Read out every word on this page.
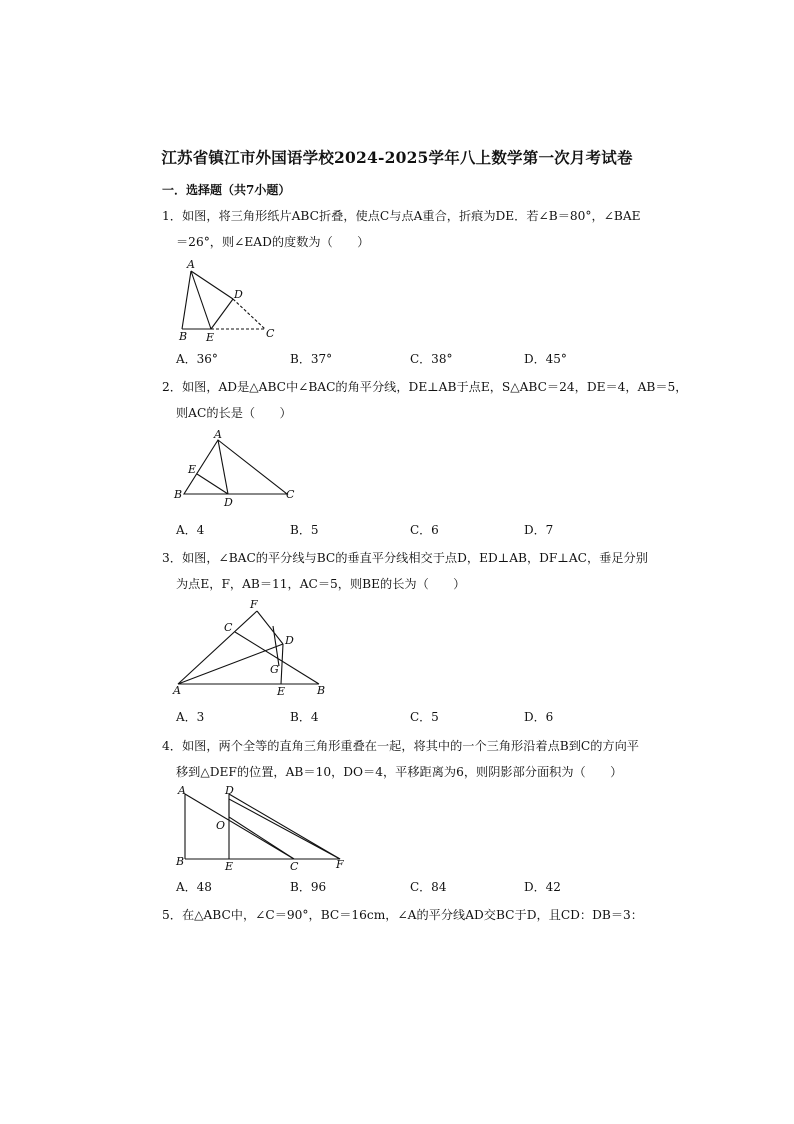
江苏省镇江市外国语学校2024-2025学年八上数学第一次月考试卷
一．选择题（共7小题）
1．如图，将三角形纸片ABC折叠，使点C与点A重合，折痕为DE．若∠B＝80°，∠BAE
＝26°，则∠EAD的度数为（　　）
A
B	C
D
E
A．36°	B．37°	C．38°	D．45°
2．如图，AD是△ABC中∠BAC的角平分线，DE⊥AB于点E，S△ABC＝24，DE＝4，AB＝5，
则AC的长是（　　）
A
B	C
D
E
A．4	B．5	C．6	D．7
3．如图，∠BAC的平分线与BC的垂直平分线相交于点D，ED⊥AB，DF⊥AC，垂足分别
为点E，F，AB＝11，AC＝5，则BE的长为（　　）
A	B
C
D
E
F
G
A．3	B．4	C．5	D．6
4．如图，两个全等的直角三角形重叠在一起，将其中的一个三角形沿着点B到C的方向平
移到△DEF的位置，AB＝10，DO＝4，平移距离为6，则阴影部分面积为（　　）
A
B	C
D
E	F
O
A．48	B．96	C．84	D．42
5．在△ABC中，∠C＝90°，BC＝16cm，∠A的平分线AD交BC于D，且CD：DB＝3：
